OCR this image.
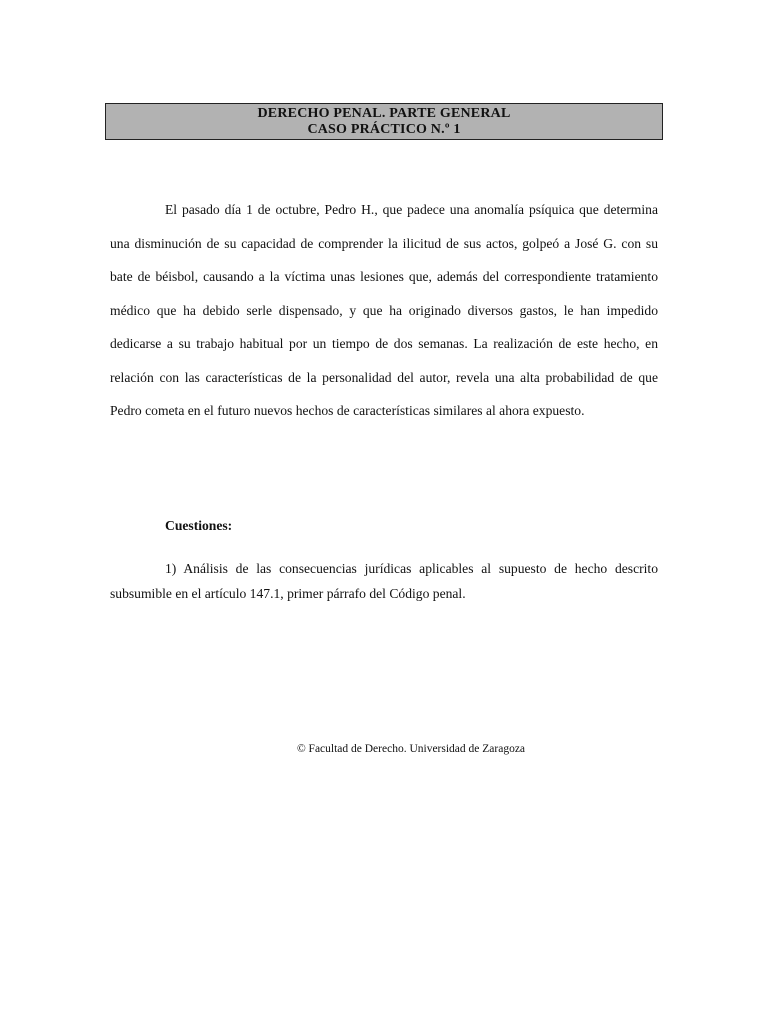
DERECHO PENAL. PARTE GENERAL
CASO PRÁCTICO N.º 1

El pasado día 1 de octubre, Pedro H., que padece una anomalía psíquica que determina una disminución de su capacidad de comprender la ilicitud de sus actos, golpeó a José G. con su bate de béisbol, causando a la víctima unas lesiones que, además del correspondiente tratamiento médico que ha debido serle dispensado, y que ha originado diversos gastos, le han impedido dedicarse a su trabajo habitual por un tiempo de dos semanas. La realización de este hecho, en relación con las características de la personalidad del autor, revela una alta probabilidad de que Pedro cometa en el futuro nuevos hechos de características similares al ahora expuesto.

Cuestiones:

1) Análisis de las consecuencias jurídicas aplicables al supuesto de hecho descrito subsumible en el artículo 147.1, primer párrafo del Código penal.

© Facultad de Derecho. Universidad de Zaragoza
